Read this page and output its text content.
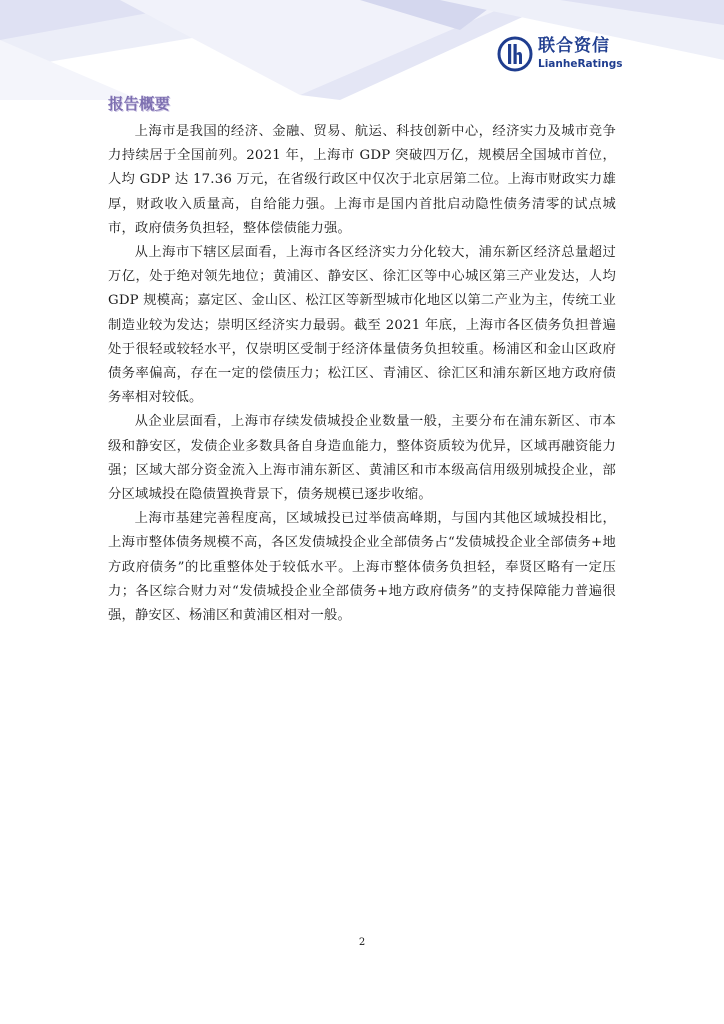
联合资信
LianheRatings
报告概要

上海市是我国的经济、金融、贸易、航运、科技创新中心，经济实力及城市竞争力持续居于全国前列。2021 年，上海市 GDP 突破四万亿，规模居全国城市首位，人均 GDP 达 17.36 万元，在省级行政区中仅次于北京居第二位。上海市财政实力雄厚，财政收入质量高，自给能力强。上海市是国内首批启动隐性债务清零的试点城市，政府债务负担轻，整体偿债能力强。

从上海市下辖区层面看，上海市各区经济实力分化较大，浦东新区经济总量超过万亿，处于绝对领先地位；黄浦区、静安区、徐汇区等中心城区第三产业发达，人均 GDP 规模高；嘉定区、金山区、松江区等新型城市化地区以第二产业为主，传统工业制造业较为发达；崇明区经济实力最弱。截至 2021 年底，上海市各区债务负担普遍处于很轻或较轻水平，仅崇明区受制于经济体量债务负担较重。杨浦区和金山区政府债务率偏高，存在一定的偿债压力；松江区、青浦区、徐汇区和浦东新区地方政府债务率相对较低。

从企业层面看，上海市存续发债城投企业数量一般，主要分布在浦东新区、市本级和静安区，发债企业多数具备自身造血能力，整体资质较为优异，区域再融资能力强；区域大部分资金流入上海市浦东新区、黄浦区和市本级高信用级别城投企业，部分区域城投在隐债置换背景下，债务规模已逐步收缩。

上海市基建完善程度高，区域城投已过举债高峰期，与国内其他区域城投相比，上海市整体债务规模不高，各区发债城投企业全部债务占“发债城投企业全部债务+地方政府债务”的比重整体处于较低水平。上海市整体债务负担轻，奉贤区略有一定压力；各区综合财力对“发债城投企业全部债务+地方政府债务”的支持保障能力普遍很强，静安区、杨浦区和黄浦区相对一般。

2
